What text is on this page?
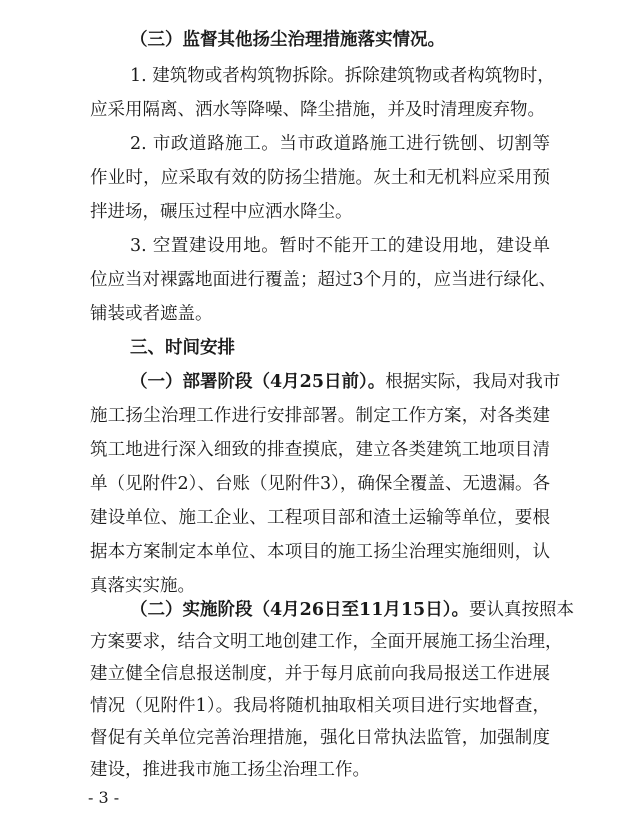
（三）监督其他扬尘治理措施落实情况。
1. 建筑物或者构筑物拆除。拆除建筑物或者构筑物时，
应采用隔离、洒水等降噪、降尘措施，并及时清理废弃物。
2. 市政道路施工。当市政道路施工进行铣刨、切割等
作业时，应采取有效的防扬尘措施。灰土和无机料应采用预
拌进场，碾压过程中应洒水降尘。
3. 空置建设用地。暂时不能开工的建设用地，建设单
位应当对裸露地面进行覆盖；超过3个月的，应当进行绿化、
铺装或者遮盖。
三、时间安排
（一）部署阶段（4月25日前）。根据实际，我局对我市
施工扬尘治理工作进行安排部署。制定工作方案，对各类建
筑工地进行深入细致的排查摸底，建立各类建筑工地项目清
单（见附件2）、台账（见附件3），确保全覆盖、无遗漏。各
建设单位、施工企业、工程项目部和渣土运输等单位，要根
据本方案制定本单位、本项目的施工扬尘治理实施细则，认
真落实实施。
（二）实施阶段（4月26日至11月15日）。要认真按照本
方案要求，结合文明工地创建工作，全面开展施工扬尘治理，
建立健全信息报送制度，并于每月底前向我局报送工作进展
情况（见附件1）。我局将随机抽取相关项目进行实地督查，
督促有关单位完善治理措施，强化日常执法监管，加强制度
- 3 -
建设，推进我市施工扬尘治理工作。
